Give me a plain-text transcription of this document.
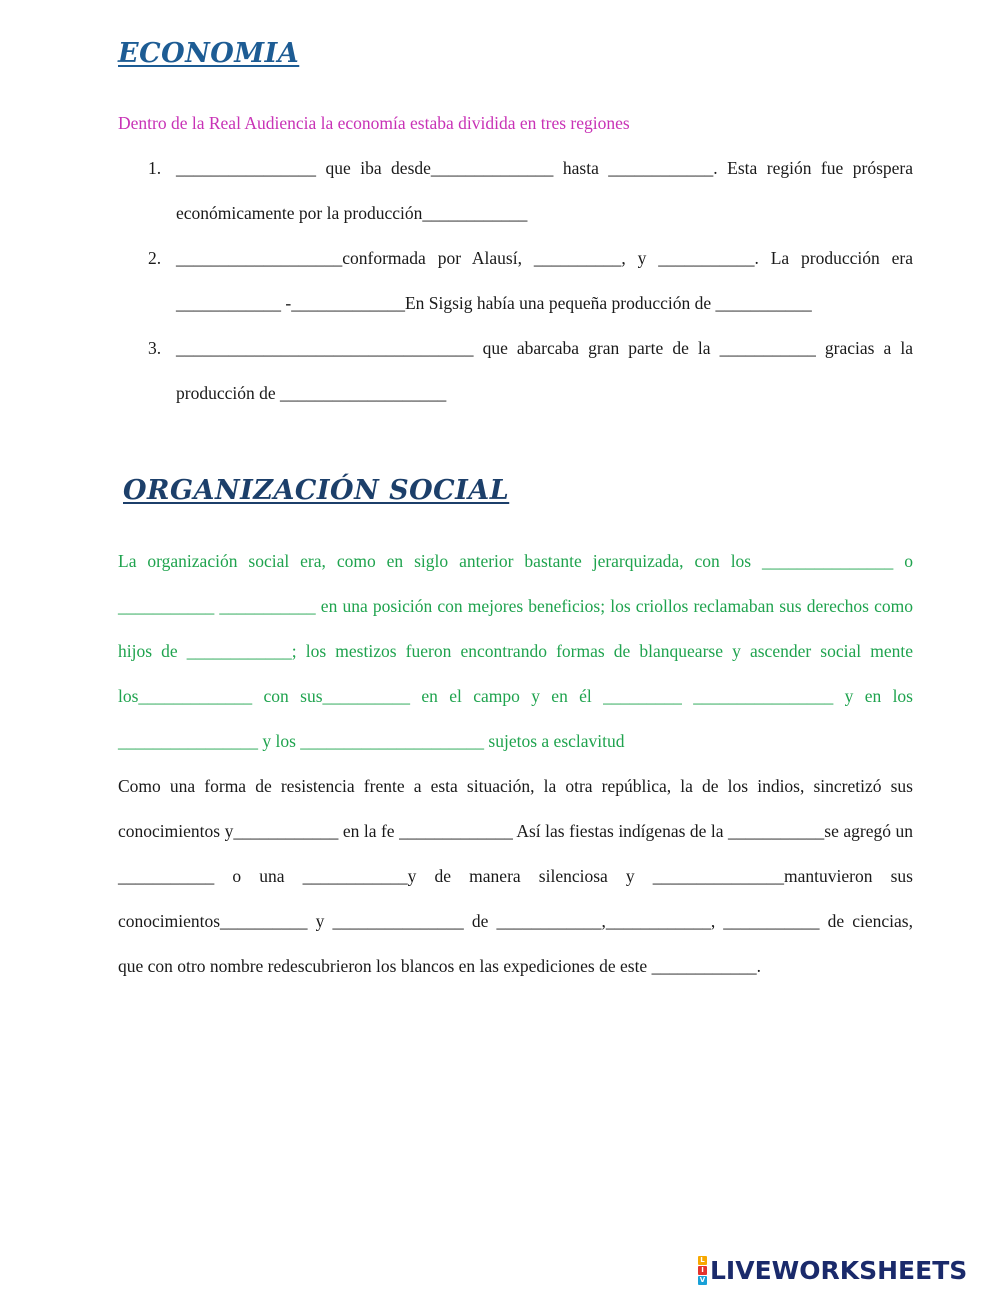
ECONOMIA

Dentro de la Real Audiencia la economía estaba dividida en tres regiones

1. ________________ que iba desde______________ hasta ____________. Esta región fue próspera económicamente por la producción____________
2. ___________________conformada por Alausí, __________, y ___________. La producción era ____________ -_____________En Sigsig había una pequeña producción de ___________
3. __________________________________ que abarcaba gran parte de la ___________ gracias a la producción de ___________________
ORGANIZACIÓN SOCIAL

La organización social era, como en siglo anterior bastante jerarquizada, con los _______________ o ___________ ___________ en una posición con mejores beneficios; los criollos reclamaban sus derechos como hijos de ____________; los mestizos fueron encontrando formas de blanquearse y ascender social mente los_____________ con sus__________ en el campo y en él _________ ________________ y en los ________________ y los _____________________ sujetos a esclavitud

Como una forma de resistencia frente a esta situación, la otra república, la de los indios, sincretizó sus conocimientos y____________ en la fe _____________ Así las fiestas indígenas de la ___________se agregó un ___________ o una ____________y de manera silenciosa y _______________mantuvieron sus conocimientos__________ y _______________ de ____________,____________, ___________ de ciencias, que con otro nombre redescubrieron los blancos en las expediciones de este ____________.

L
I
V LIVEWORKSHEETS
